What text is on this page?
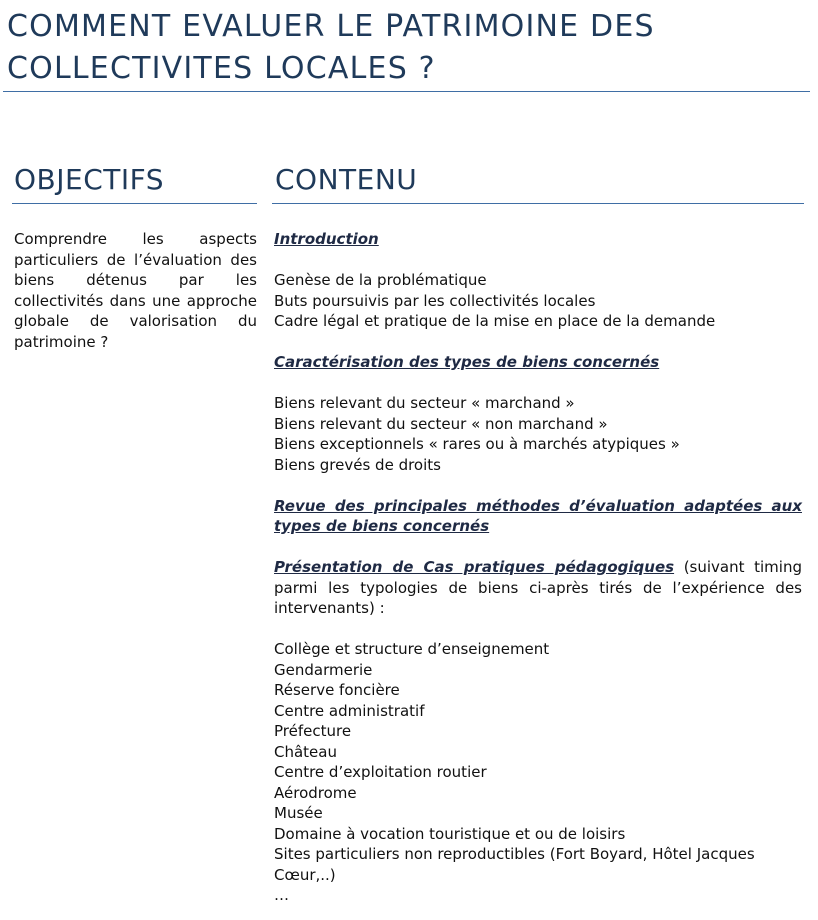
COMMENT EVALUER LE PATRIMOINE DES
COLLECTIVITES LOCALES ?
OBJECTIFS	CONTENU

Comprendre les aspects particuliers de l’évaluation des biens détenus par les collectivités dans une approche globale de valorisation du patrimoine ?

Introduction

Genèse de la problématique

Buts poursuivis par les collectivités locales

Cadre légal et pratique de la mise en place de la demande

Caractérisation des types de biens concernés

Biens relevant du secteur « marchand »

Biens relevant du secteur « non marchand »

Biens exceptionnels « rares ou à marchés atypiques »

Biens grevés de droits

Revue des principales méthodes d’évaluation adaptées aux types de biens concernés

Présentation de Cas pratiques pédagogiques (suivant timing parmi les typologies de biens ci-après tirés de l’expérience des intervenants) :

Collège et structure d’enseignement

Gendarmerie

Réserve foncière

Centre administratif

Préfecture

Château

Centre d’exploitation routier

Aérodrome

Musée

Domaine à vocation touristique et ou de loisirs

Sites particuliers non reproductibles (Fort Boyard, Hôtel Jacques Cœur,..)

…
